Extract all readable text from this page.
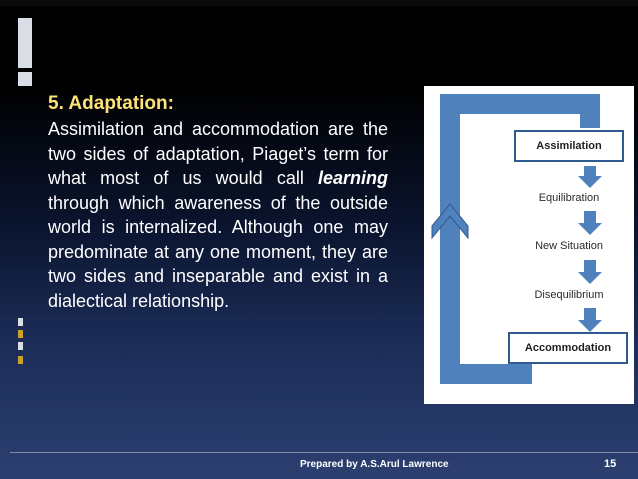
5. Adaptation:

Assimilation and accommodation are the two sides of adaptation, Piaget’s term for what most of us would call learning through which awareness of the outside world is internalized. Although one may predominate at any one moment, they are two sides and inseparable and exist in a dialectical relationship.

Assimilation
Equilibration
New Situation
Disequilibrium
Accommodation
Prepared by A.S.Arul Lawrence	15
